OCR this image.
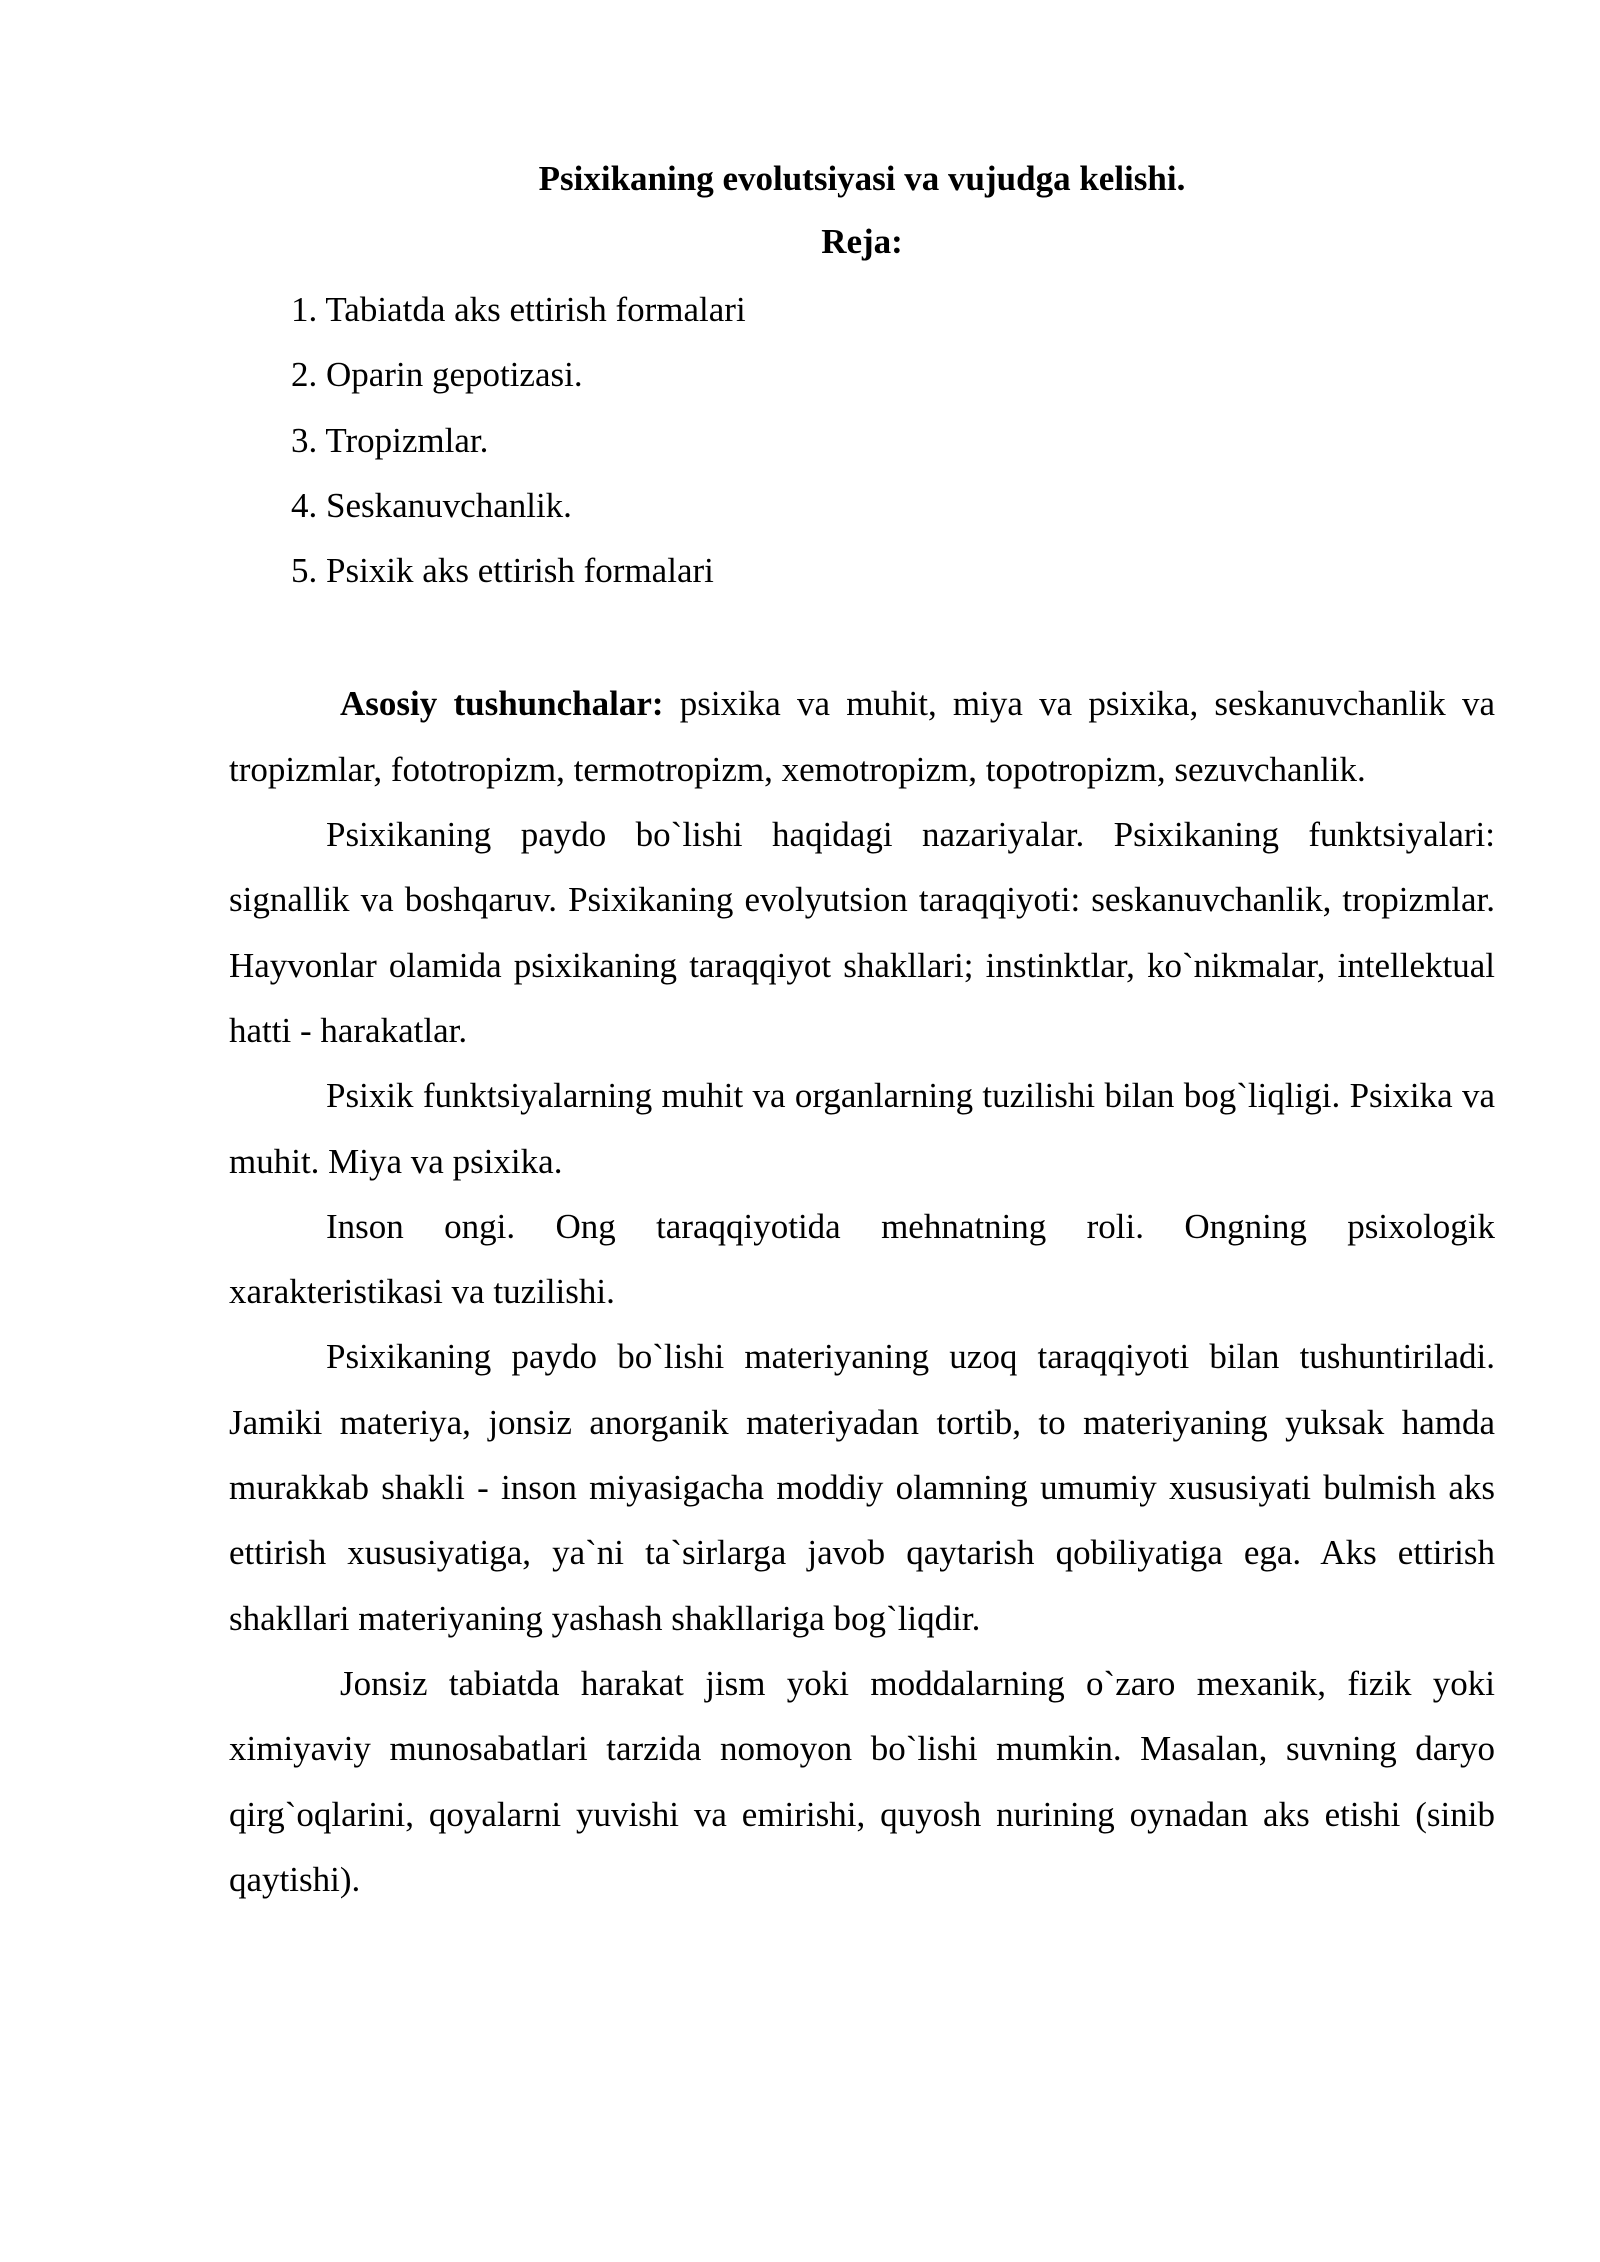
Psixikaning evolutsiyasi va vujudga kelishi.

Reja:

1. Tabiatda aks ettirish formalari
2. Oparin gepotizasi.
3. Tropizmlar.
4. Seskanuvchanlik.
5. Psixik aks ettirish formalari

Asosiy tushunchalar: psixika va muhit, miya va psixika, seskanuvchanlik va tropizmlar, fototropizm, termotropizm, xemotropizm, topotropizm, sezuvchanlik.

Psixikaning paydo bo`lishi haqidagi nazariyalar. Psixikaning funktsiyalari: signallik va boshqaruv. Psixikaning evolyutsion taraqqiyoti: seskanuvchanlik, tropizmlar. Hayvonlar olamida psixikaning taraqqiyot shakllari; instinktlar, ko`nikmalar, intellektual hatti - harakatlar.

Psixik funktsiyalarning muhit va organlarning tuzilishi bilan bog`liqligi. Psixika va muhit. Miya va psixika.

Inson ongi. Ong taraqqiyotida mehnatning roli. Ongning psixologik xarakteristikasi va tuzilishi.

Psixikaning paydo bo`lishi materiyaning uzoq taraqqiyoti bilan tushuntiriladi. Jamiki materiya, jonsiz anorganik materiyadan tortib, to materiyaning yuksak hamda murakkab shakli - inson miyasigacha moddiy olamning umumiy xususiyati bulmish aks ettirish xususiyatiga, ya`ni ta`sirlarga javob qaytarish qobiliyatiga ega. Aks ettirish shakllari materiyaning yashash shakllariga bog`liqdir.

Jonsiz tabiatda harakat jism yoki moddalarning o`zaro mexanik, fizik yoki ximiyaviy munosabatlari tarzida nomoyon bo`lishi mumkin. Masalan, suvning daryo qirg`oqlarini, qoyalarni yuvishi va emirishi, quyosh nurining oynadan aks etishi (sinib qaytishi).
